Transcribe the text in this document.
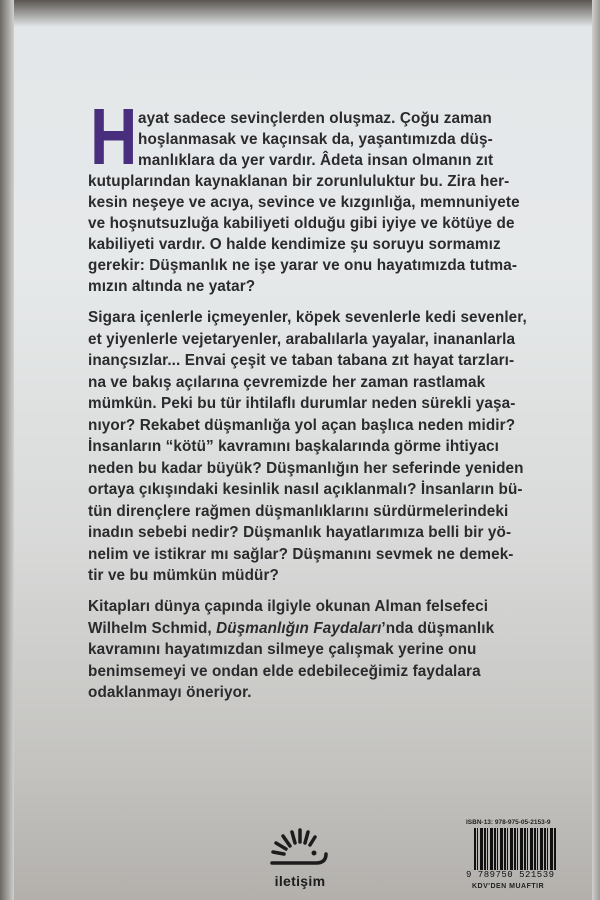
H ayat sadece sevinçlerden oluşmaz. Çoğu zaman
hoşlanmasak ve kaçınsak da, yaşantımızda düş-
manlıklara da yer vardır. Âdeta insan olmanın zıt
kutuplarından kaynaklanan bir zorunluluktur bu. Zira her-
kesin neşeye ve acıya, sevince ve kızgınlığa, memnuniyete
ve hoşnutsuzluğa kabiliyeti olduğu gibi iyiye ve kötüye de
kabiliyeti vardır. O halde kendimize şu soruyu sormamız
gerekir: Düşmanlık ne işe yarar ve onu hayatımızda tutma-
mızın altında ne yatar?
Sigara içenlerle içmeyenler, köpek sevenlerle kedi sevenler,
et yiyenlerle vejetaryenler, arabalılarla yayalar, inananlarla
inançsızlar... Envai çeşit ve taban tabana zıt hayat tarzları-
na ve bakış açılarına çevremizde her zaman rastlamak
mümkün. Peki bu tür ihtilaflı durumlar neden sürekli yaşa-
nıyor? Rekabet düşmanlığa yol açan başlıca neden midir?
İnsanların “kötü” kavramını başkalarında görme ihtiyacı
neden bu kadar büyük? Düşmanlığın her seferinde yeniden
ortaya çıkışındaki kesinlik nasıl açıklanmalı? İnsanların bü-
tün dirençlere rağmen düşmanlıklarını sürdürmelerindeki
inadın sebebi nedir? Düşmanlık hayatlarımıza belli bir yö-
nelim ve istikrar mı sağlar? Düşmanını sevmek ne demek-
tir ve bu mümkün müdür?
Kitapları dünya çapında ilgiyle okunan Alman felsefeci
Wilhelm Schmid, Düşmanlığın Faydaları’nda düşmanlık
kavramını hayatımızdan silmeye çalışmak yerine onu
benimsemeyi ve ondan elde edebileceğimiz faydalara
odaklanmayı öneriyor.
iletişim
ISBN-13: 978-975-05-2153-9
9 789750 521539
KDV'DEN MUAFTIR
